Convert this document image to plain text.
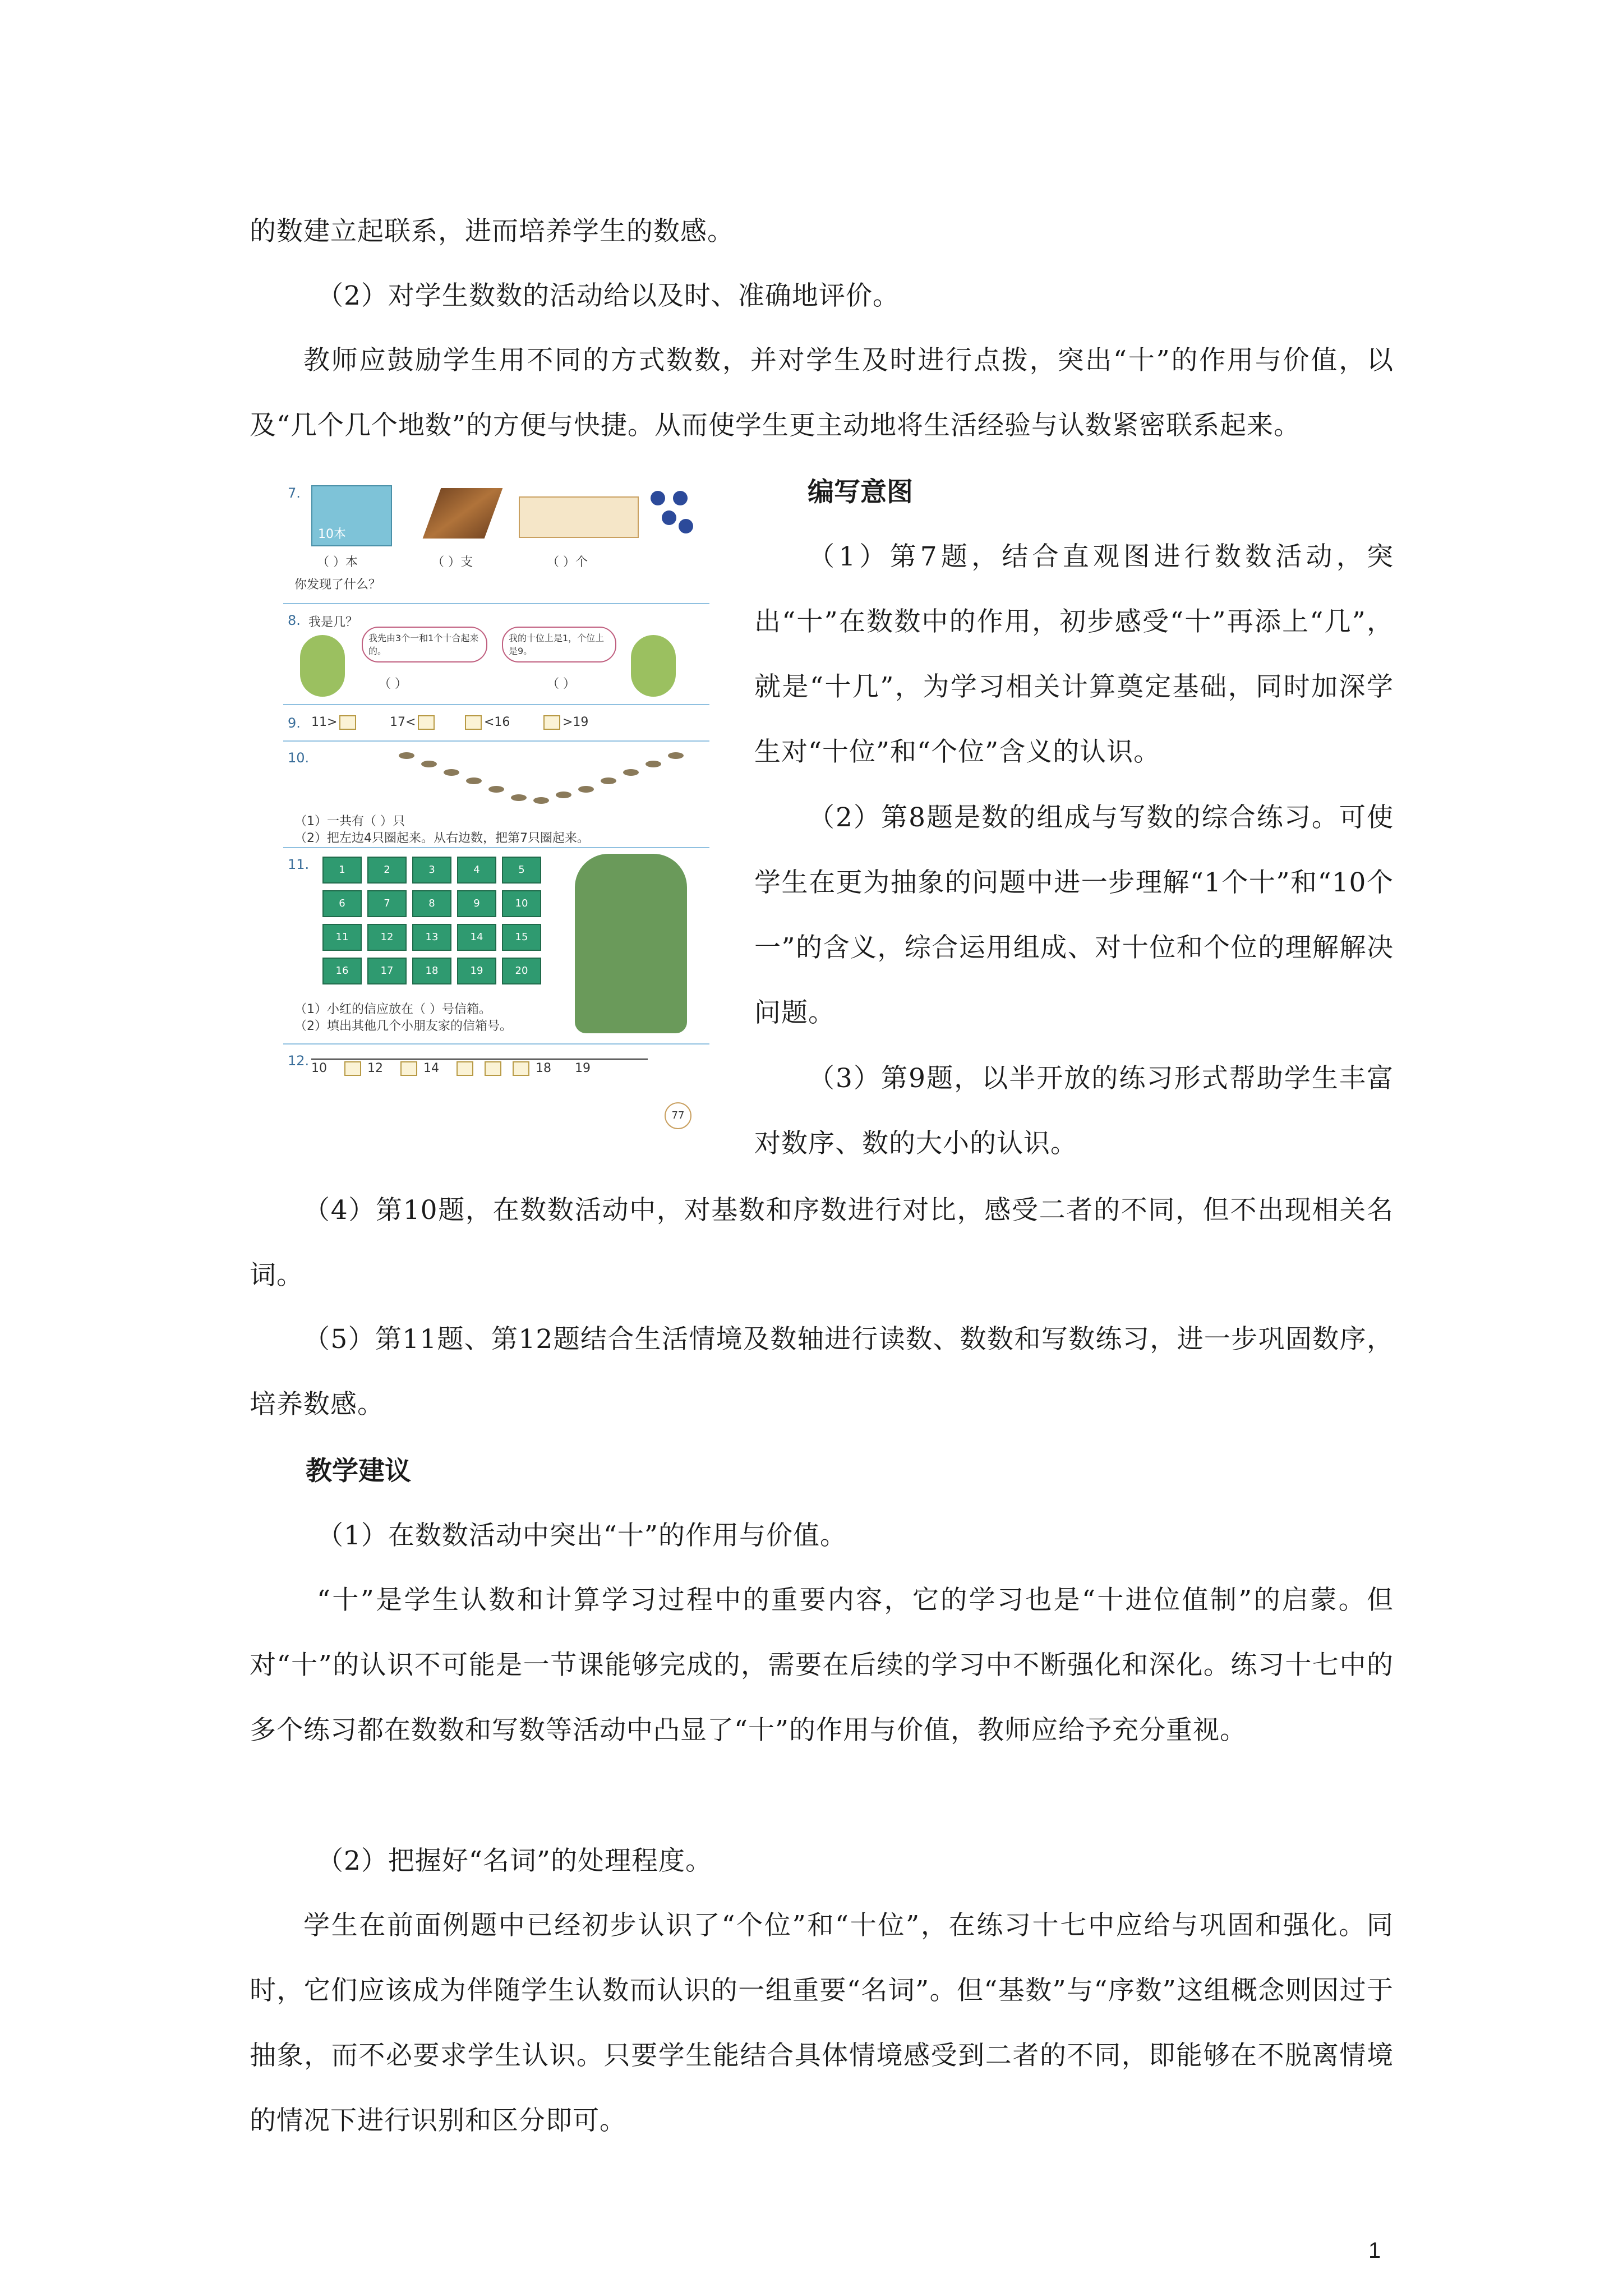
的数建立起联系，进而培养学生的数感。

（2）对学生数数的活动给以及时、准确地评价。

教师应鼓励学生用不同的方式数数，并对学生及时进行点拨，突出“十”的作用与价值，以及“几个几个地数”的方便与快捷。从而使学生更主动地将生活经验与认数紧密联系起来。

7.
10本
（ ）本	（ ）支	（ ）个
你发现了什么？
8. 我是几？
我先由3个一和1个十合起来的。
我的十位上是1，个位上是9。
（ ）	（ ）
9. 11>	17<	<16	>19
10.
（1）一共有（ ）只
（2）把左边4只圈起来。从右边数，把第7只圈起来。
11.	1	2	3	4	5
6	7	8	9	10
11	12	13	14	15
16	17	18	19	20
（1）小红的信应放在（ ）号信箱。
（2）填出其他几个小朋友家的信箱号。
12. 10	12	14	18 19
77

编写意图

（1）第7题，结合直观图进行数数活动，突出“十”在数数中的作用，初步感受“十”再添上“几”，就是“十几”，为学习相关计算奠定基础，同时加深学生对“十位”和“个位”含义的认识。

（2）第8题是数的组成与写数的综合练习。可使学生在更为抽象的问题中进一步理解“1个十”和“10个一”的含义，综合运用组成、对十位和个位的理解解决问题。

（3）第9题，以半开放的练习形式帮助学生丰富对数序、数的大小的认识。

（4）第10题，在数数活动中，对基数和序数进行对比，感受二者的不同，但不出现相关名词。

（5）第11题、第12题结合生活情境及数轴进行读数、数数和写数练习，进一步巩固数序，培养数感。

教学建议

（1）在数数活动中突出“十”的作用与价值。

“十”是学生认数和计算学习过程中的重要内容，它的学习也是“十进位值制”的启蒙。但对“十”的认识不可能是一节课能够完成的，需要在后续的学习中不断强化和深化。练习十七中的多个练习都在数数和写数等活动中凸显了“十”的作用与价值，教师应给予充分重视。

（2）把握好“名词”的处理程度。

学生在前面例题中已经初步认识了“个位”和“十位”，在练习十七中应给与巩固和强化。同时，它们应该成为伴随学生认数而认识的一组重要“名词”。但“基数”与“序数”这组概念则因过于抽象，而不必要求学生认识。只要学生能结合具体情境感受到二者的不同，即能够在不脱离情境的情况下进行识别和区分即可。

1
